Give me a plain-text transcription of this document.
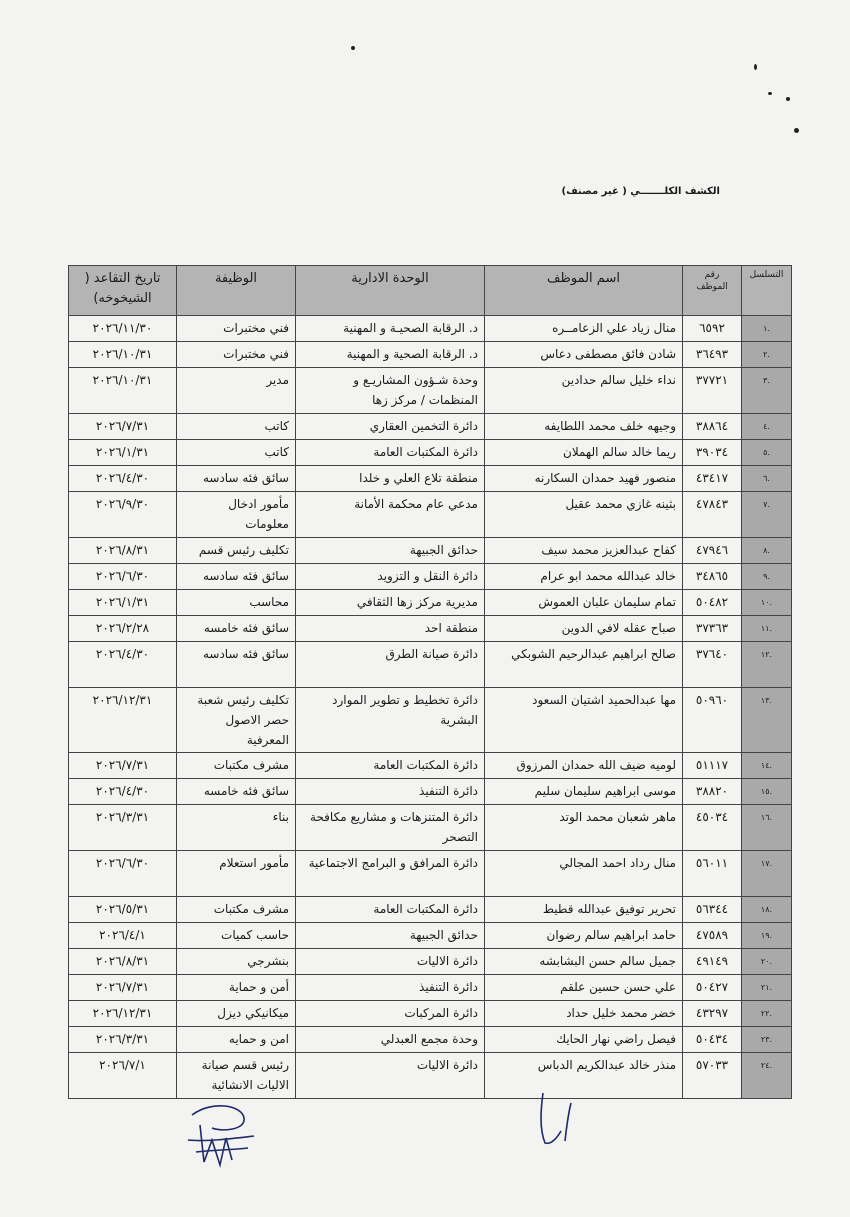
الكشف الكلـــــــي ( غير مصنف)
التسلسل	رقم الموظف	اسم الموظف	الوحدة الادارية	الوظيفة	تاريخ التقاعد ( الشيخوخه)
.١	٦٥٩٢	منال زياد علي الزعامــره	د. الرقابة الصحيـة و المهنية	فني مختبرات	٢٠٢٦/١١/٣٠
.٢	٣٦٤٩٣	شادن فائق مصطفى دعاس	د. الرقابة الصحية و المهنية	فني مختبرات	٢٠٢٦/١٠/٣١
.٣	٣٧٧٢١	نداء خليل سالم حدادين	وحدة شـؤون المشاريـع و المنظمات / مركز زها	مدير	٢٠٢٦/١٠/٣١
.٤	٣٨٨٦٤	وجيهه خلف محمد اللطايفه	دائرة التخمين العقاري	كاتب	٢٠٢٦/٧/٣١
.٥	٣٩٠٣٤	ريما خالد سالم الهملان	دائرة المكتبات العامة	كاتب	٢٠٢٦/١/٣١
.٦	٤٣٤١٧	منصور فهيد حمدان السكارنه	منطقة تلاع العلي و خلدا	سائق فئه سادسه	٢٠٢٦/٤/٣٠
.٧	٤٧٨٤٣	بثينه غازي محمد عقيل	مدعي عام محكمة الأمانة	مأمور ادخال معلومات	٢٠٢٦/٩/٣٠
.٨	٤٧٩٤٦	كفاح عبدالعزيز محمد سيف	حدائق الجبيهة	تكليف رئيس قسم	٢٠٢٦/٨/٣١
.٩	٣٤٨٦٥	خالد عبدالله محمد ابو عرام	دائرة النقل و التزويد	سائق فئه سادسه	٢٠٢٦/٦/٣٠
.١٠	٥٠٤٨٢	تمام سليمان علبان العموش	مديرية مركز زها الثقافي	محاسب	٢٠٢٦/١/٣١
.١١	٣٧٣٦٣	صباح عقله لافي الدوين	منطقة احد	سائق فئه خامسه	٢٠٢٦/٢/٢٨
.١٢	٣٧٦٤٠	صالح ابراهيم عبدالرحيم الشوبكي	دائرة صيانة الطرق	سائق فئه سادسه	٢٠٢٦/٤/٣٠
.١٣	٥٠٩٦٠	مها عبدالحميد اشتيان السعود	دائرة تخطيط و تطوير الموارد البشرية	تكليف رئيس شعبة حصر الاصول المعرفية	٢٠٢٦/١٢/٣١
.١٤	٥١١١٧	لوميه ضيف الله حمدان المرزوق	دائرة المكتبات العامة	مشرف مكتبات	٢٠٢٦/٧/٣١
.١٥	٣٨٨٢٠	موسى ابراهيم سليمان سليم	دائرة التنفيذ	سائق فئه خامسه	٢٠٢٦/٤/٣٠
.١٦	٤٥٠٣٤	ماهر شعبان محمد الوتد	دائرة المتنزهات و مشاريع مكافحة التصحر	بناء	٢٠٢٦/٣/٣١
.١٧	٥٦٠١١	منال رداد احمد المجالي	دائرة المرافق و البرامج الاجتماعية	مأمور استعلام	٢٠٢٦/٦/٣٠
.١٨	٥٦٣٤٤	تحرير توفيق عبدالله قطيط	دائرة المكتبات العامة	مشرف مكتبات	٢٠٢٦/٥/٣١
.١٩	٤٧٥٨٩	حامد ابراهيم سالم رضوان	حدائق الجبيهة	حاسب كميات	٢٠٢٦/٤/١
.٢٠	٤٩١٤٩	جميل سالم حسن البشابشه	دائرة الاليات	بنشرجي	٢٠٢٦/٨/٣١
.٢١	٥٠٤٢٧	علي حسن حسين علقم	دائرة التنفيذ	أمن و حماية	٢٠٢٦/٧/٣١
.٢٢	٤٣٢٩٧	خضر محمد خليل حداد	دائرة المركبات	ميكانيكي ديزل	٢٠٢٦/١٢/٣١
.٢٣	٥٠٤٣٤	فيصل راضي نهار الحايك	وحدة مجمع العبدلي	امن و حمايه	٢٠٢٦/٣/٣١
.٢٤	٥٧٠٣٣	منذر خالد عبدالكريم الدباس	دائرة الاليات	رئيس قسم صيانة الاليات الانشائية	٢٠٢٦/٧/١
